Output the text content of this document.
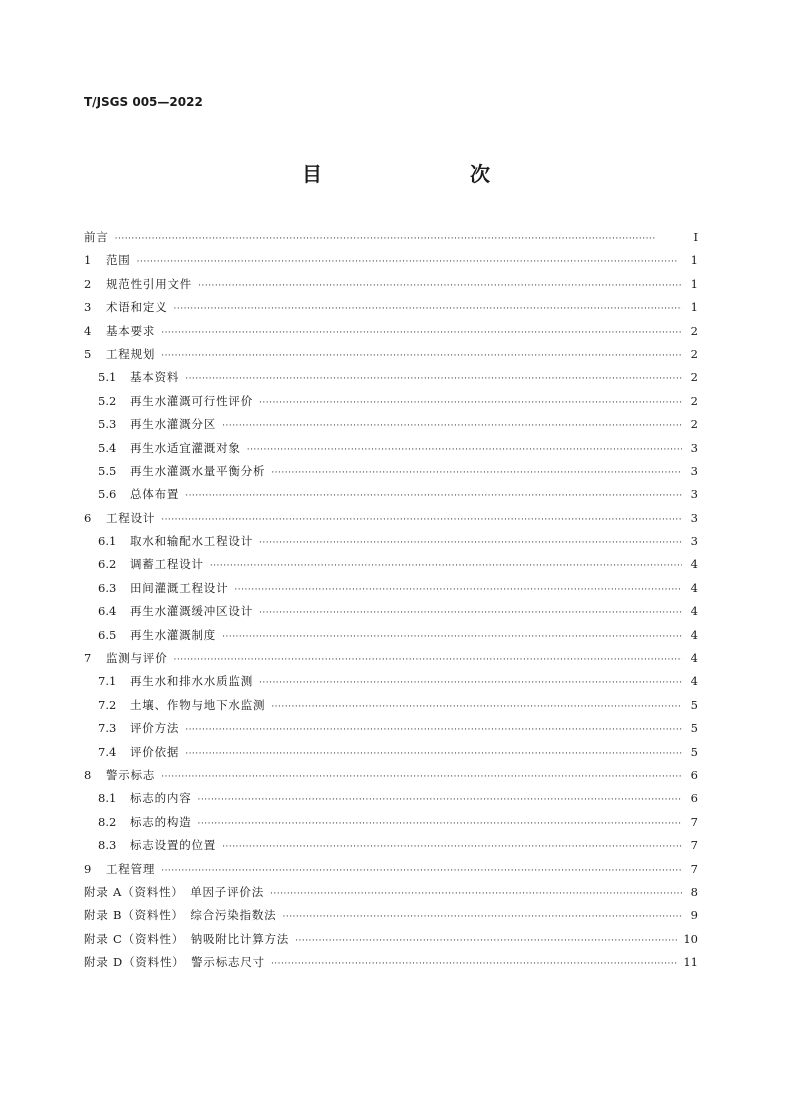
T/JSGS 005—2022

目　　次
前言 ·····	I
1	范围 ·····	1
2	规范性引用文件 ·····	1
3	术语和定义 ·····	1
4	基本要求 ·····	2
5	工程规划 ·····	2
5.1	基本资料 ·····	2
5.2	再生水灌溉可行性评价 ·····	2
5.3	再生水灌溉分区 ·····	2
5.4	再生水适宜灌溉对象 ·····	3
5.5	再生水灌溉水量平衡分析 ·····	3
5.6	总体布置 ·····	3
6	工程设计 ·····	3
6.1	取水和输配水工程设计 ·····	3
6.2	调蓄工程设计 ·····	4
6.3	田间灌溉工程设计 ·····	4
6.4	再生水灌溉缓冲区设计 ·····	4
6.5	再生水灌溉制度 ·····	4
7	监测与评价 ·····	4
7.1	再生水和排水水质监测 ·····	4
7.2	土壤、作物与地下水监测 ·····	5
7.3	评价方法 ·····	5
7.4	评价依据 ·····	5
8	警示标志 ·····	6
8.1	标志的内容 ·····	6
8.2	标志的构造 ·····	7
8.3	标志设置的位置 ·····	7
9	工程管理 ·····	7
附录 A（资料性）　单因子评价法 ·····	8
附录 B（资料性）　综合污染指数法 ·····	9
附录 C（资料性）　钠吸附比计算方法 ·····	10
附录 D（资料性）　警示标志尺寸 ·····	11
